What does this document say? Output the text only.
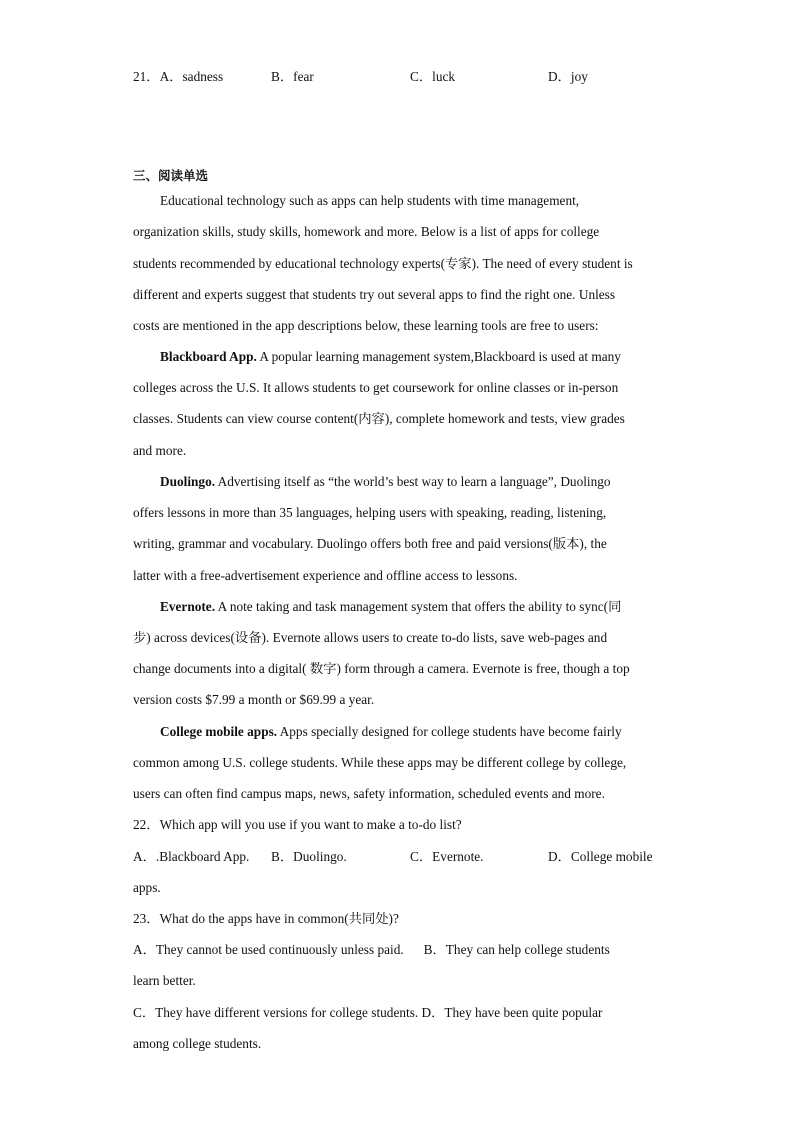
21．A．sadness	B．fear	C．luck	D．joy
三、阅读单选
Educational technology such as apps can help students with time management,
organization skills, study skills, homework and more. Below is a list of apps for college
students recommended by educational technology experts(专家). The need of every student is
different and experts suggest that students try out several apps to find the right one. Unless
costs are mentioned in the app descriptions below, these learning tools are free to users:
Blackboard App. A popular learning management system,Blackboard is used at many
colleges across the U.S. It allows students to get coursework for online classes or in-person
classes. Students can view course content(内容), complete homework and tests, view grades
and more.
Duolingo. Advertising itself as “the world’s best way to learn a language”, Duolingo
offers lessons in more than 35 languages, helping users with speaking, reading, listening,
writing, grammar and vocabulary. Duolingo offers both free and paid versions(版本), the
latter with a free-advertisement experience and offline access to lessons.
Evernote. A note taking and task management system that offers the ability to sync(同
步) across devices(设备). Evernote allows users to create to-do lists, save web-pages and
change documents into a digital( 数字) form through a camera. Evernote is free, though a top
version costs $7.99 a month or $69.99 a year.
College mobile apps. Apps specially designed for college students have become fairly
common among U.S. college students. While these apps may be different college by college,
users can often find campus maps, news, safety information, scheduled events and more.
22．Which app will you use if you want to make a to-do list?
A．.Blackboard App. B．Duolingo.	C．Evernote.	D．College mobile
apps.
23．What do the apps have in common(共同处)?
A．They cannot be used continuously unless paid.      B．They can help college students
learn better.
C．They have different versions for college students. D．They have been quite popular
among college students.
